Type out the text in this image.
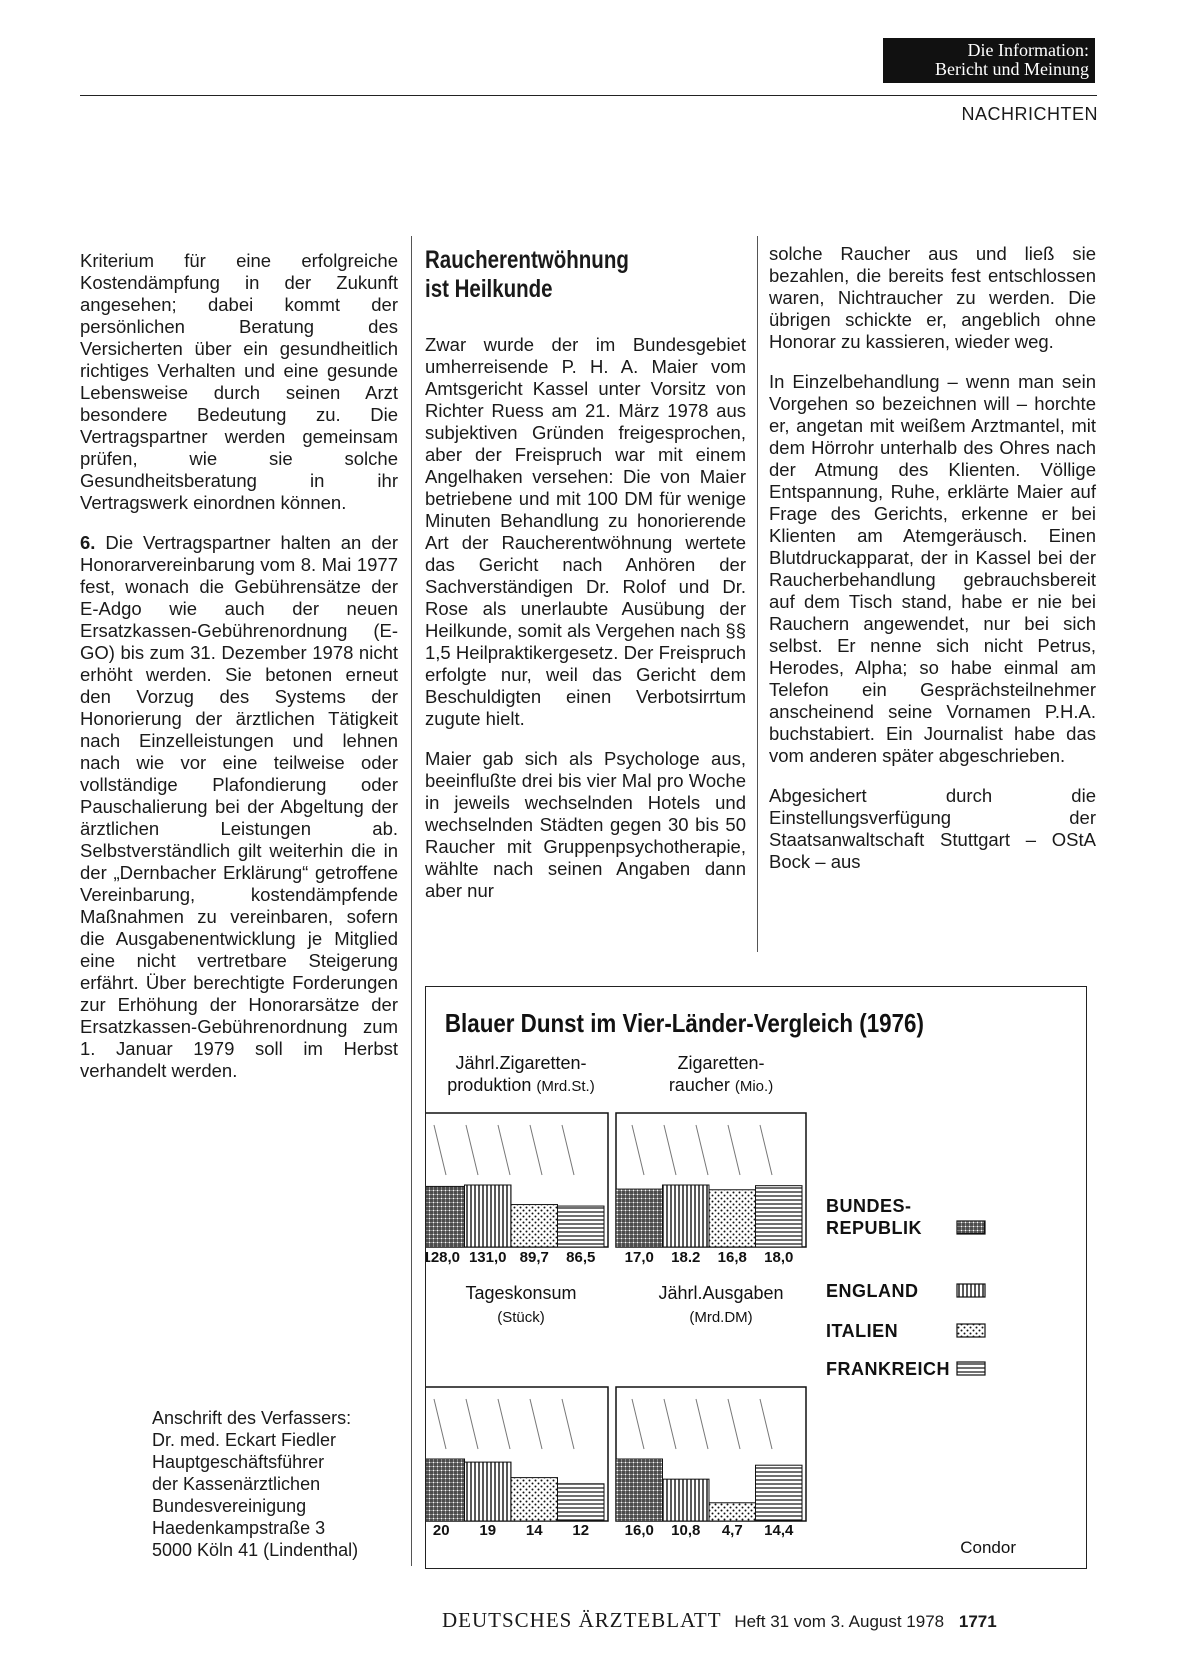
Die Information:
Bericht und Meinung
NACHRICHTEN

Kriterium für eine erfolgreiche Kostendämpfung in der Zukunft angesehen; dabei kommt der persönlichen Beratung des Versicherten über ein gesundheitlich richtiges Verhalten und eine gesunde Lebensweise durch seinen Arzt besondere Bedeutung zu. Die Vertragspartner werden gemeinsam prüfen, wie sie solche Gesundheitsberatung in ihr Vertragswerk einordnen können.

6. Die Vertragspartner halten an der Honorarvereinbarung vom 8. Mai 1977 fest, wonach die Gebührensätze der E-Adgo wie auch der neuen Ersatzkassen-Gebührenordnung (E-GO) bis zum 31. Dezember 1978 nicht erhöht werden. Sie betonen erneut den Vorzug des Systems der Honorierung der ärztlichen Tätigkeit nach Einzelleistungen und lehnen nach wie vor eine teilweise oder vollständige Plafondierung oder Pauschalierung bei der Abgeltung der ärztlichen Leistungen ab. Selbstverständlich gilt weiterhin die in der „Dernbacher Erklärung“ getroffene Vereinbarung, kostendämpfende Maßnahmen zu vereinbaren, sofern die Ausgabenentwicklung je Mitglied eine nicht vertretbare Steigerung erfährt. Über berechtigte Forderungen zur Erhöhung der Honorarsätze der Ersatzkassen-Gebührenordnung zum 1. Januar 1979 soll im Herbst verhandelt werden.

Anschrift des Verfassers:
Dr. med. Eckart Fiedler
Hauptgeschäftsführer
der Kassenärztlichen
Bundesvereinigung
Haedenkampstraße 3
5000 Köln 41 (Lindenthal)
Raucherentwöhnung
ist Heilkunde

Zwar wurde der im Bundesgebiet umherreisende P. H. A. Maier vom Amtsgericht Kassel unter Vorsitz von Richter Ruess am 21. März 1978 aus subjektiven Gründen freigesprochen, aber der Freispruch war mit einem Angelhaken versehen: Die von Maier betriebene und mit 100 DM für wenige Minuten Behandlung zu honorierende Art der Raucherentwöhnung wertete das Gericht nach Anhören der Sachverständigen Dr. Rolof und Dr. Rose als unerlaubte Ausübung der Heilkunde, somit als Vergehen nach §§ 1,5 Heilpraktikergesetz. Der Freispruch erfolgte nur, weil das Gericht dem Beschuldigten einen Verbotsirrtum zugute hielt.

Maier gab sich als Psychologe aus, beeinflußte drei bis vier Mal pro Woche in jeweils wechselnden Hotels und wechselnden Städten gegen 30 bis 50 Raucher mit Gruppenpsychotherapie, wählte nach seinen Angaben dann aber nur

solche Raucher aus und ließ sie bezahlen, die bereits fest entschlossen waren, Nichtraucher zu werden. Die übrigen schickte er, angeblich ohne Honorar zu kassieren, wieder weg.

In Einzelbehandlung – wenn man sein Vorgehen so bezeichnen will – horchte er, angetan mit weißem Arztmantel, mit dem Hörrohr unterhalb des Ohres nach der Atmung des Klienten. Völlige Entspannung, Ruhe, erklärte Maier auf Frage des Gerichts, erkenne er bei Klienten am Atemgeräusch. Einen Blutdruckapparat, der in Kassel bei der Raucherbehandlung gebrauchsbereit auf dem Tisch stand, habe er nie bei Rauchern angewendet, nur bei sich selbst. Er nenne sich nicht Petrus, Herodes, Alpha; so habe einmal am Telefon ein Gesprächsteilnehmer anscheinend seine Vornamen P.H.A. buchstabiert. Ein Journalist habe das vom anderen später abgeschrieben.

Abgesichert durch die Einstellungsverfügung der Staatsanwaltschaft Stuttgart – OStA Bock – aus

Blauer Dunst im Vier-Länder-Vergleich (1976)
128,0 131,0 89,7 86,5
Jährl.Zigaretten-
produktion (Mrd.St.)
17,0 18.2 16,8 18,0
Zigaretten-
raucher (Mio.)
20 19 14 12
Tageskonsum
(Stück)
16,0 10,8 4,7 14,4
Jährl.Ausgaben
(Mrd.DM)
BUNDES-
REPUBLIK
ENGLAND
ITALIEN
FRANKREICH
Condor
DEUTSCHES ÄRZTEBLATT Heft 31 vom 3. August 1978 1771
